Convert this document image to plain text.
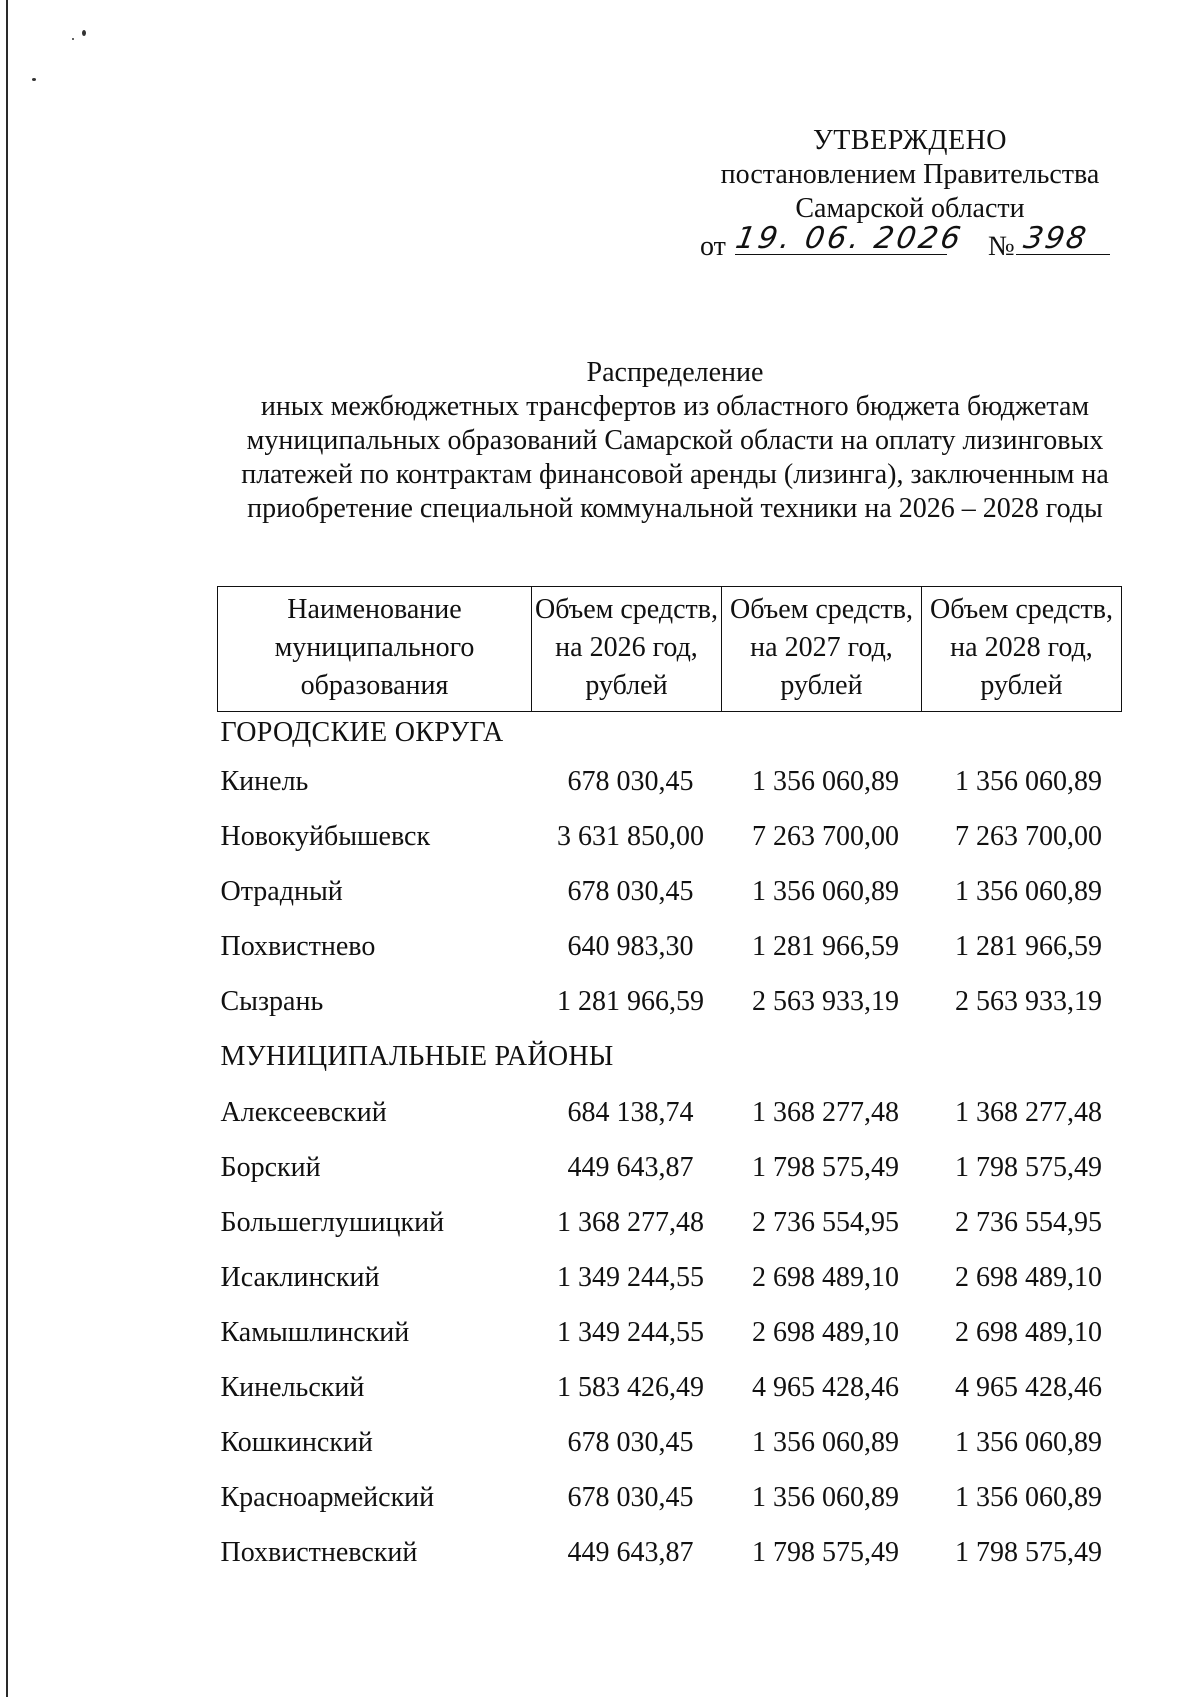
УТВЕРЖДЕНО
постановлением Правительства
Самарской области
от 19. 06. 2026 № 398
Распределение
иных межбюджетных трансфертов из областного бюджета бюджетам
муниципальных образований Самарской области на оплату лизинговых
платежей по контрактам финансовой аренды (лизинга), заключенным на
приобретение специальной коммунальной техники на 2026 – 2028 годы
Наименование
муниципального
образования	Объем средств,
на 2026 год,
рублей	Объем средств,
на 2027 год,
рублей	Объем средств,
на 2028 год,
рублей

ГОРОДСКИЕ ОКРУГА			
Кинель	678 030,45	1 356 060,89	1 356 060,89
Новокуйбышевск	3 631 850,00	7 263 700,00	7 263 700,00
Отрадный	678 030,45	1 356 060,89	1 356 060,89
Похвистнево	640 983,30	1 281 966,59	1 281 966,59
Сызрань	1 281 966,59	2 563 933,19	2 563 933,19
МУНИЦИПАЛЬНЫЕ РАЙОНЫ			
Алексеевский	684 138,74	1 368 277,48	1 368 277,48
Борский	449 643,87	1 798 575,49	1 798 575,49
Большеглушицкий	1 368 277,48	2 736 554,95	2 736 554,95
Исаклинский	1 349 244,55	2 698 489,10	2 698 489,10
Камышлинский	1 349 244,55	2 698 489,10	2 698 489,10
Кинельский	1 583 426,49	4 965 428,46	4 965 428,46
Кошкинский	678 030,45	1 356 060,89	1 356 060,89
Красноармейский	678 030,45	1 356 060,89	1 356 060,89
Похвистневский	449 643,87	1 798 575,49	1 798 575,49
